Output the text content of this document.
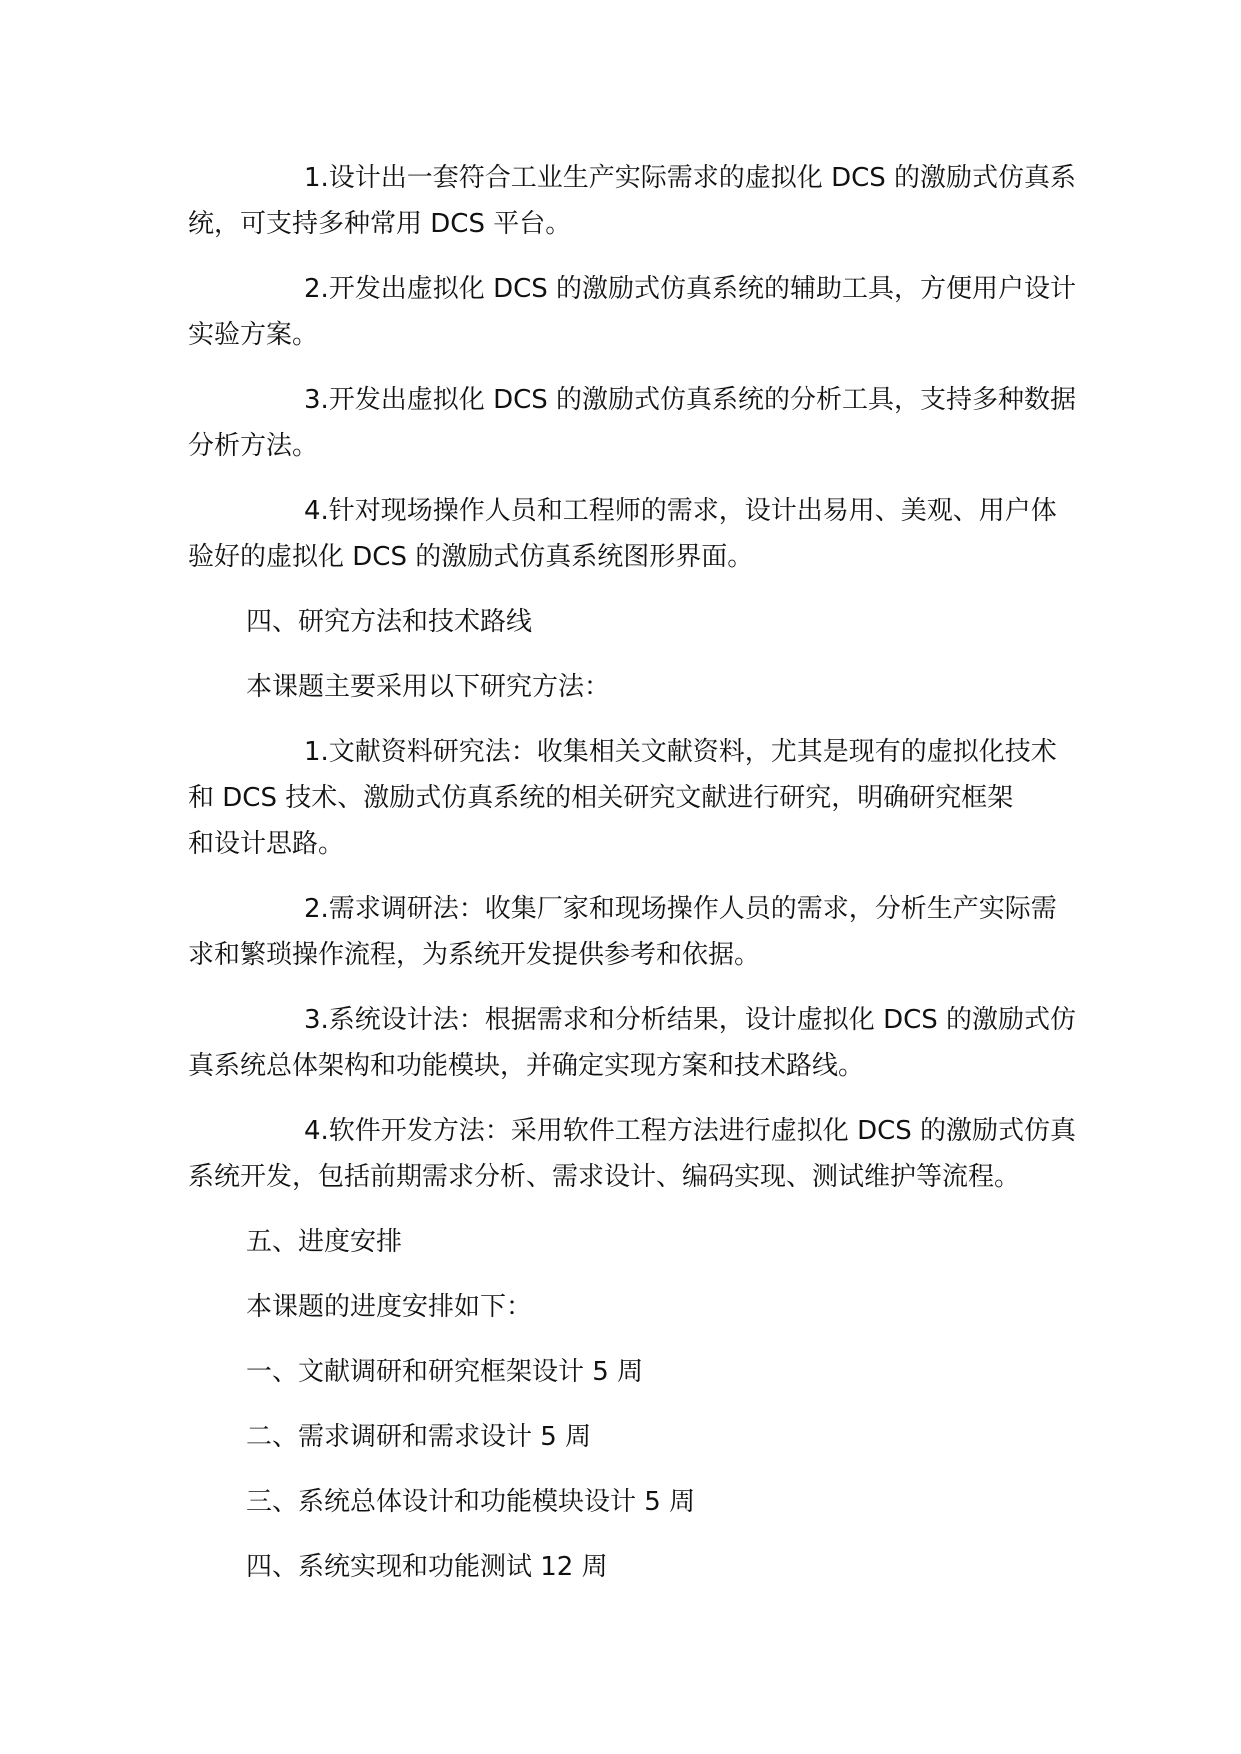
1.设计出一套符合工业生产实际需求的虚拟化 DCS 的激励式仿真系
统，可支持多种常用 DCS 平台。

2.开发出虚拟化 DCS 的激励式仿真系统的辅助工具，方便用户设计
实验方案。

3.开发出虚拟化 DCS 的激励式仿真系统的分析工具，支持多种数据
分析方法。

4.针对现场操作人员和工程师的需求，设计出易用、美观、用户体
验好的虚拟化 DCS 的激励式仿真系统图形界面。

四、研究方法和技术路线

本课题主要采用以下研究方法：

1.文献资料研究法：收集相关文献资料，尤其是现有的虚拟化技术
和 DCS 技术、激励式仿真系统的相关研究文献进行研究，明确研究框架
和设计思路。

2.需求调研法：收集厂家和现场操作人员的需求，分析生产实际需
求和繁琐操作流程，为系统开发提供参考和依据。

3.系统设计法：根据需求和分析结果，设计虚拟化 DCS 的激励式仿
真系统总体架构和功能模块，并确定实现方案和技术路线。

4.软件开发方法：采用软件工程方法进行虚拟化 DCS 的激励式仿真
系统开发，包括前期需求分析、需求设计、编码实现、测试维护等流程。

五、进度安排

本课题的进度安排如下：

一、文献调研和研究框架设计 5 周

二、需求调研和需求设计 5 周

三、系统总体设计和功能模块设计 5 周

四、系统实现和功能测试 12 周
